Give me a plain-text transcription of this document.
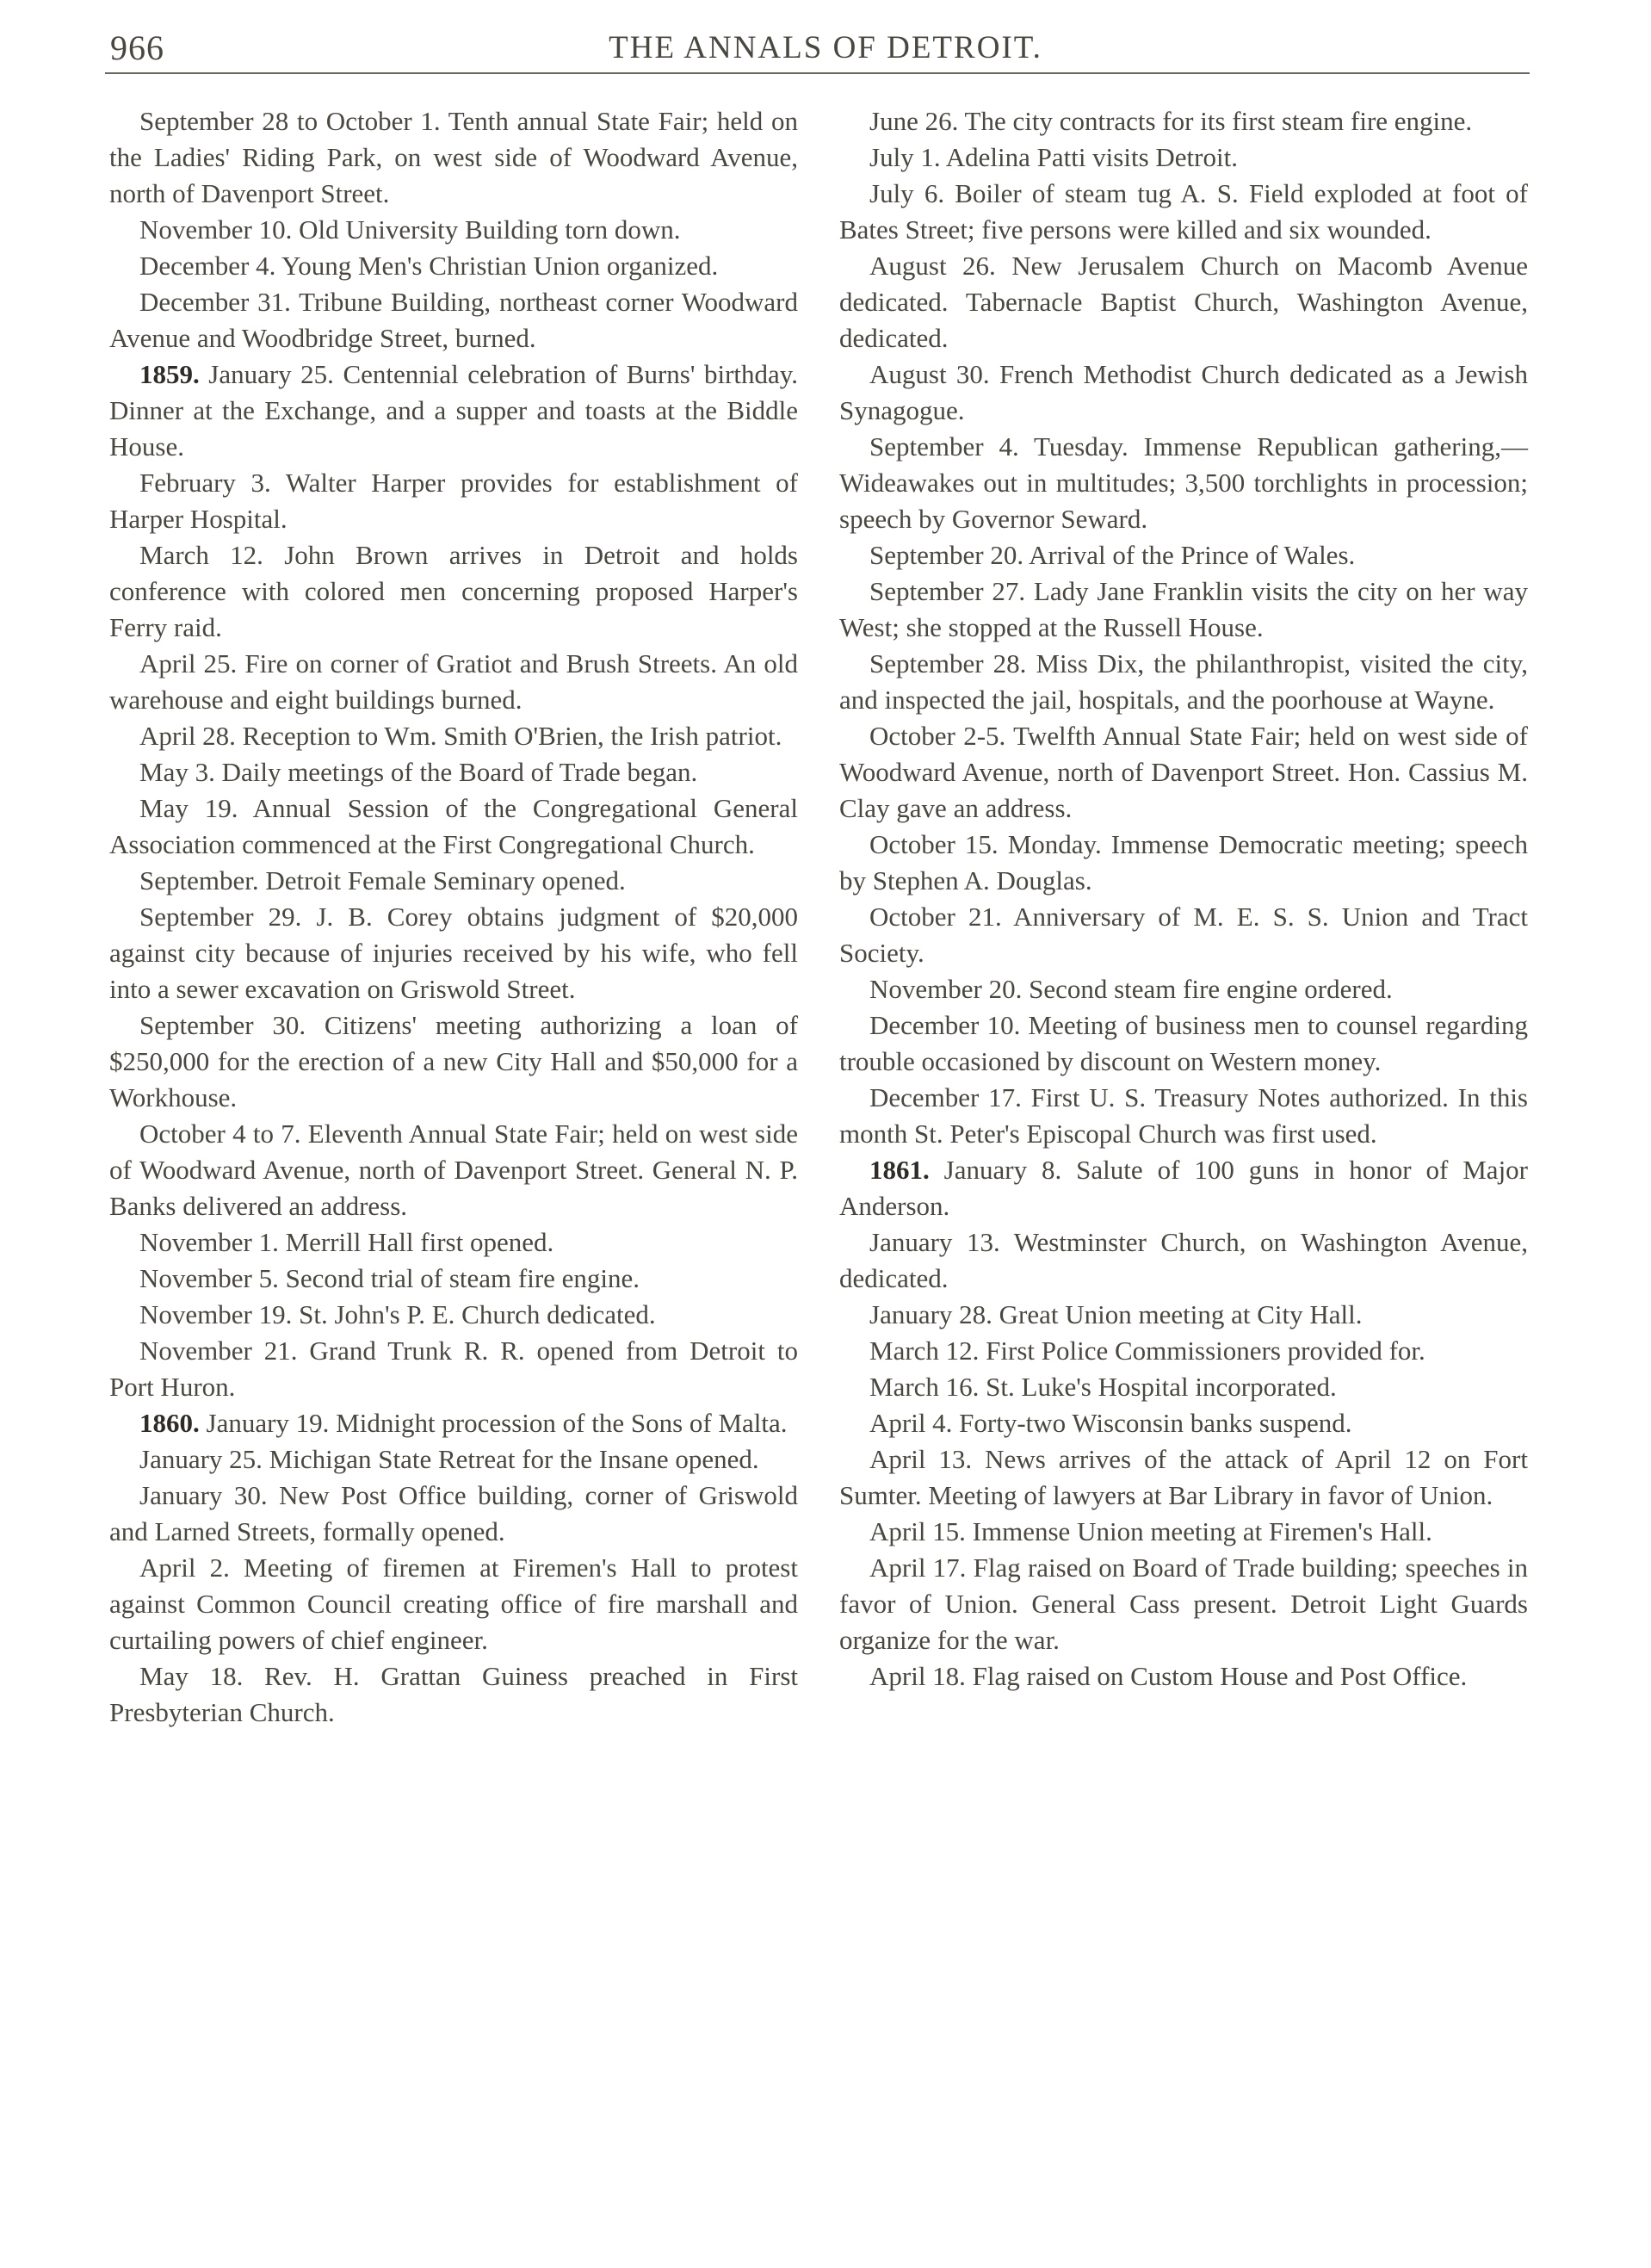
966	THE ANNALS OF DETROIT.

September 28 to October 1. Tenth annual State Fair; held on the Ladies' Riding Park, on west side of Woodward Avenue, north of Davenport Street.

November 10. Old University Building torn down.

December 4. Young Men's Christian Union organized.

December 31. Tribune Building, northeast corner Woodward Avenue and Woodbridge Street, burned.

1859. January 25. Centennial celebration of Burns' birthday. Dinner at the Exchange, and a supper and toasts at the Biddle House.

February 3. Walter Harper provides for establishment of Harper Hospital.

March 12. John Brown arrives in Detroit and holds conference with colored men concerning proposed Harper's Ferry raid.

April 25. Fire on corner of Gratiot and Brush Streets. An old warehouse and eight buildings burned.

April 28. Reception to Wm. Smith O'Brien, the Irish patriot.

May 3. Daily meetings of the Board of Trade began.

May 19. Annual Session of the Congregational General Association commenced at the First Congregational Church.

September. Detroit Female Seminary opened.

September 29. J. B. Corey obtains judgment of $20,000 against city because of injuries received by his wife, who fell into a sewer excavation on Griswold Street.

September 30. Citizens' meeting authorizing a loan of $250,000 for the erection of a new City Hall and $50,000 for a Workhouse.

October 4 to 7. Eleventh Annual State Fair; held on west side of Woodward Avenue, north of Davenport Street. General N. P. Banks delivered an address.

November 1. Merrill Hall first opened.

November 5. Second trial of steam fire engine.

November 19. St. John's P. E. Church dedicated.

November 21. Grand Trunk R. R. opened from Detroit to Port Huron.

1860. January 19. Midnight procession of the Sons of Malta.

January 25. Michigan State Retreat for the Insane opened.

January 30. New Post Office building, corner of Griswold and Larned Streets, formally opened.

April 2. Meeting of firemen at Firemen's Hall to protest against Common Council creating office of fire marshall and curtailing powers of chief engineer.

May 18. Rev. H. Grattan Guiness preached in First Presbyterian Church.

June 26. The city contracts for its first steam fire engine.

July 1. Adelina Patti visits Detroit.

July 6. Boiler of steam tug A. S. Field exploded at foot of Bates Street; five persons were killed and six wounded.

August 26. New Jerusalem Church on Macomb Avenue dedicated. Tabernacle Baptist Church, Washington Avenue, dedicated.

August 30. French Methodist Church dedicated as a Jewish Synagogue.

September 4. Tuesday. Immense Republican gathering,—Wideawakes out in multitudes; 3,500 torchlights in procession; speech by Governor Seward.

September 20. Arrival of the Prince of Wales.

September 27. Lady Jane Franklin visits the city on her way West; she stopped at the Russell House.

September 28. Miss Dix, the philanthropist, visited the city, and inspected the jail, hospitals, and the poorhouse at Wayne.

October 2-5. Twelfth Annual State Fair; held on west side of Woodward Avenue, north of Davenport Street. Hon. Cassius M. Clay gave an address.

October 15. Monday. Immense Democratic meeting; speech by Stephen A. Douglas.

October 21. Anniversary of M. E. S. S. Union and Tract Society.

November 20. Second steam fire engine ordered.

December 10. Meeting of business men to counsel regarding trouble occasioned by discount on Western money.

December 17. First U. S. Treasury Notes authorized. In this month St. Peter's Episcopal Church was first used.

1861. January 8. Salute of 100 guns in honor of Major Anderson.

January 13. Westminster Church, on Washington Avenue, dedicated.

January 28. Great Union meeting at City Hall.

March 12. First Police Commissioners provided for.

March 16. St. Luke's Hospital incorporated.

April 4. Forty-two Wisconsin banks suspend.

April 13. News arrives of the attack of April 12 on Fort Sumter. Meeting of lawyers at Bar Library in favor of Union.

April 15. Immense Union meeting at Firemen's Hall.

April 17. Flag raised on Board of Trade building; speeches in favor of Union. General Cass present. Detroit Light Guards organize for the war.

April 18. Flag raised on Custom House and Post Office.
